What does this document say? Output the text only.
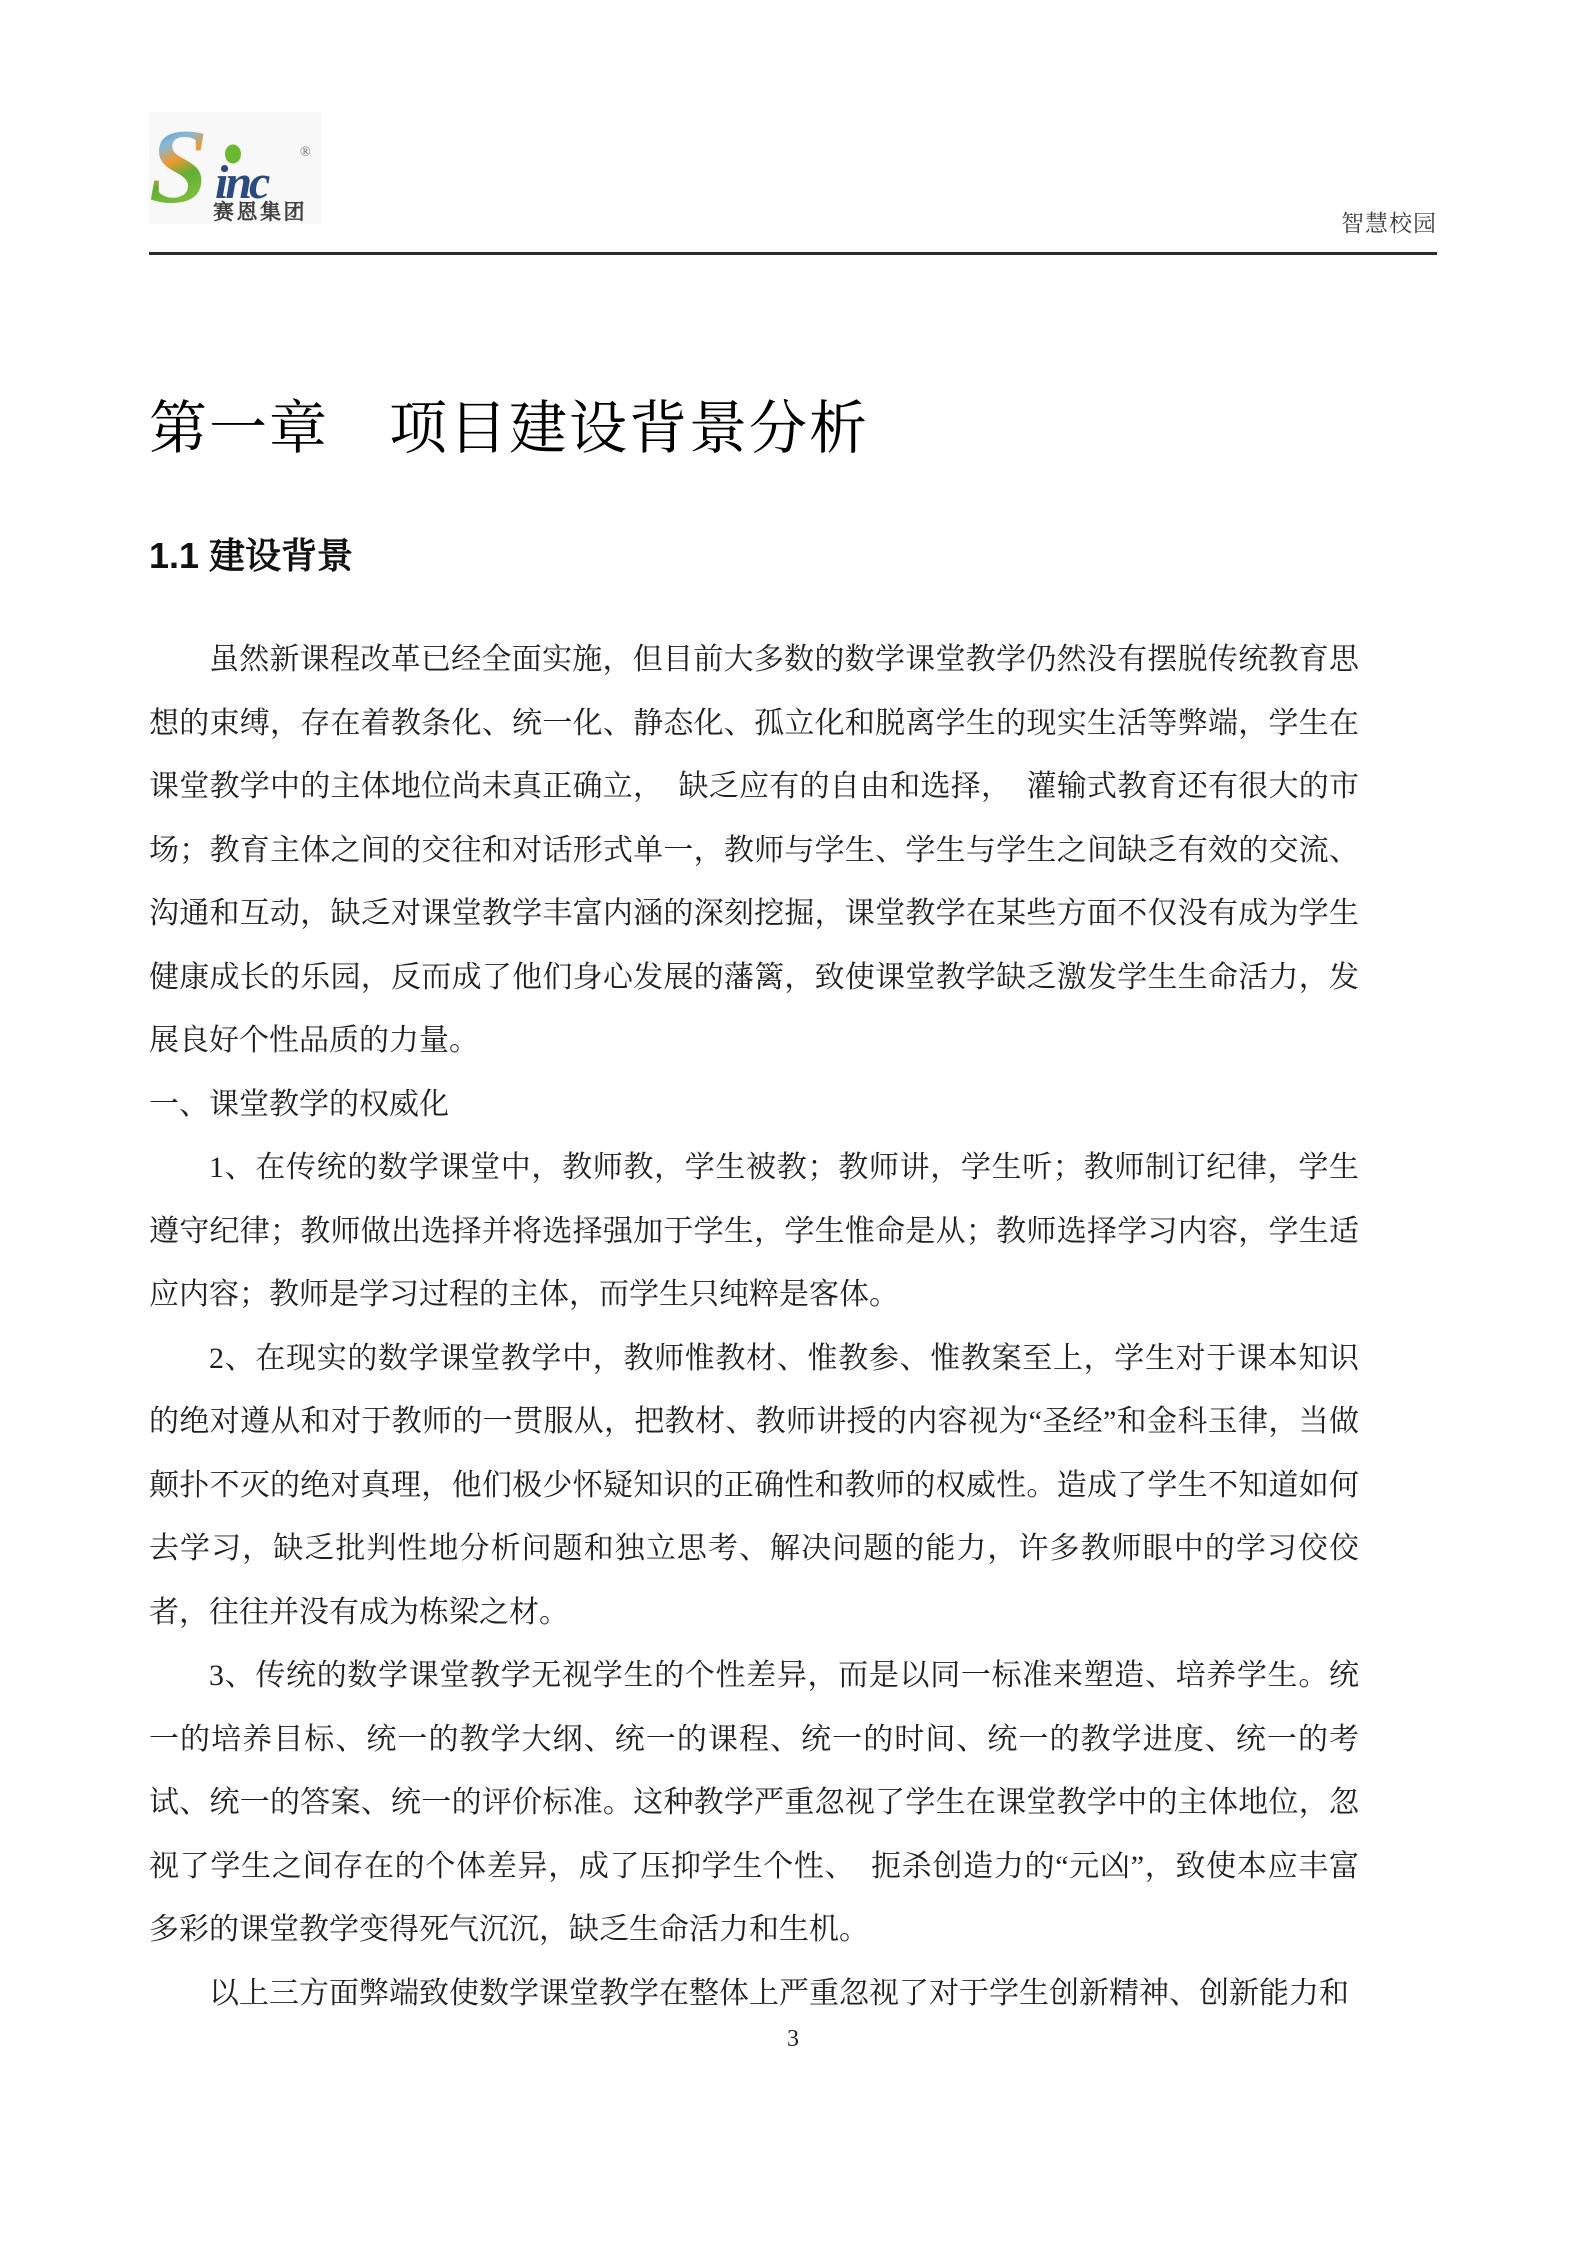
S inc
®
赛恩集团	智慧校园
第一章　项目建设背景分析
1.1 建设背景

虽然新课程改革已经全面实施，但目前大多数的数学课堂教学仍然没有摆脱传统教育思想的束缚，存在着教条化、统一化、静态化、孤立化和脱离学生的现实生活等弊端，学生在课堂教学中的主体地位尚未真正确立，　缺乏应有的自由和选择，　灌输式教育还有很大的市场；教育主体之间的交往和对话形式单一，教师与学生、学生与学生之间缺乏有效的交流、沟通和互动，缺乏对课堂教学丰富内涵的深刻挖掘，课堂教学在某些方面不仅没有成为学生健康成长的乐园，反而成了他们身心发展的藩篱，致使课堂教学缺乏激发学生生命活力，发展良好个性品质的力量。

一、课堂教学的权威化

1、在传统的数学课堂中，教师教，学生被教；教师讲，学生听；教师制订纪律，学生遵守纪律；教师做出选择并将选择强加于学生，学生惟命是从；教师选择学习内容，学生适应内容；教师是学习过程的主体，而学生只纯粹是客体。

2、在现实的数学课堂教学中，教师惟教材、惟教参、惟教案至上，学生对于课本知识的绝对遵从和对于教师的一贯服从，把教材、教师讲授的内容视为“圣经”和金科玉律，当做颠扑不灭的绝对真理，他们极少怀疑知识的正确性和教师的权威性。造成了学生不知道如何去学习，缺乏批判性地分析问题和独立思考、解决问题的能力，许多教师眼中的学习佼佼者，往往并没有成为栋梁之材。

3、传统的数学课堂教学无视学生的个性差异，而是以同一标准来塑造、培养学生。统一的培养目标、统一的教学大纲、统一的课程、统一的时间、统一的教学进度、统一的考试、统一的答案、统一的评价标准。这种教学严重忽视了学生在课堂教学中的主体地位，忽视了学生之间存在的个体差异，成了压抑学生个性、　扼杀创造力的“元凶”，致使本应丰富多彩的课堂教学变得死气沉沉，缺乏生命活力和生机。

以上三方面弊端致使数学课堂教学在整体上严重忽视了对于学生创新精神、创新能力和

3
